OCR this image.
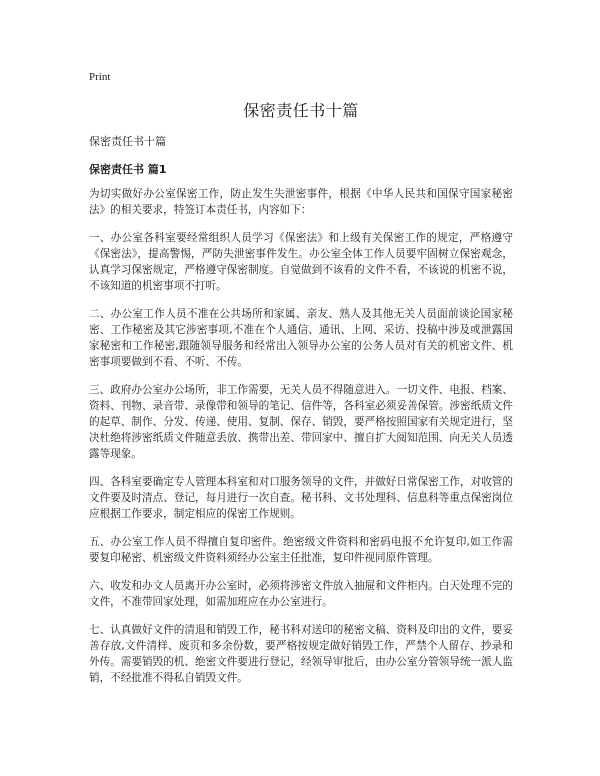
Print
保密责任书十篇
保密责任书十篇
保密责任书 篇1

为切实做好办公室保密工作，防止发生失泄密事件，根据《中华人民共和国保守国家秘密法》的相关要求，特签订本责任书，内容如下：

一、办公室各科室要经常组织人员学习《保密法》和上级有关保密工作的规定，严格遵守《保密法》，提高警惕，严防失泄密事件发生。办公室全体工作人员要牢固树立保密观念，认真学习保密规定，严格遵守保密制度。自觉做到不该看的文件不看，不该说的机密不说，不该知道的机密事项不打听。

二、办公室工作人员不准在公共场所和家属、亲友、熟人及其他无关人员面前谈论国家秘密、工作秘密及其它涉密事项,不准在个人通信、通讯、上网、采访、投稿中涉及或泄露国家秘密和工作秘密,跟随领导服务和经常出入领导办公室的公务人员对有关的机密文件、机密事项要做到不看、不听、不传。

三、政府办公室办公场所，非工作需要，无关人员不得随意进入。一切文件、电报、档案、资料、刊物、录音带、录像带和领导的笔记、信件等，各科室必须妥善保管。涉密纸质文件的起草、制作、分发、传递、使用、复制、保存、销毁，要严格按照国家有关规定进行，坚决杜绝将涉密纸质文件随意丢放、携带出差、带回家中、擅自扩大阅知范围、向无关人员透露等现象。

四、各科室要确定专人管理本科室和对口服务领导的文件，并做好日常保密工作，对收管的文件要及时清点、登记，每月进行一次自查。秘书科、文书处理科、信息科等重点保密岗位应根据工作要求，制定相应的保密工作规则。

五、办公室工作人员不得擅自复印密件。绝密级文件资料和密码电报不允许复印,如工作需要复印秘密、机密级文件资料须经办公室主任批准，复印件视同原件管理。

六、收发和办文人员离开办公室时，必须将涉密文件放入抽屉和文件柜内。白天处理不完的文件，不准带回家处理，如需加班应在办公室进行。

七、认真做好文件的清退和销毁工作，秘书科对送印的秘密文稿、资料及印出的文件，要妥善存放,文件清样、废页和多余份数，要严格按规定做好销毁工作，严禁个人留存、抄录和外传。需要销毁的机、绝密文件要进行登记，经领导审批后，由办公室分管领导统一派人监销，不经批准不得私自销毁文件。
